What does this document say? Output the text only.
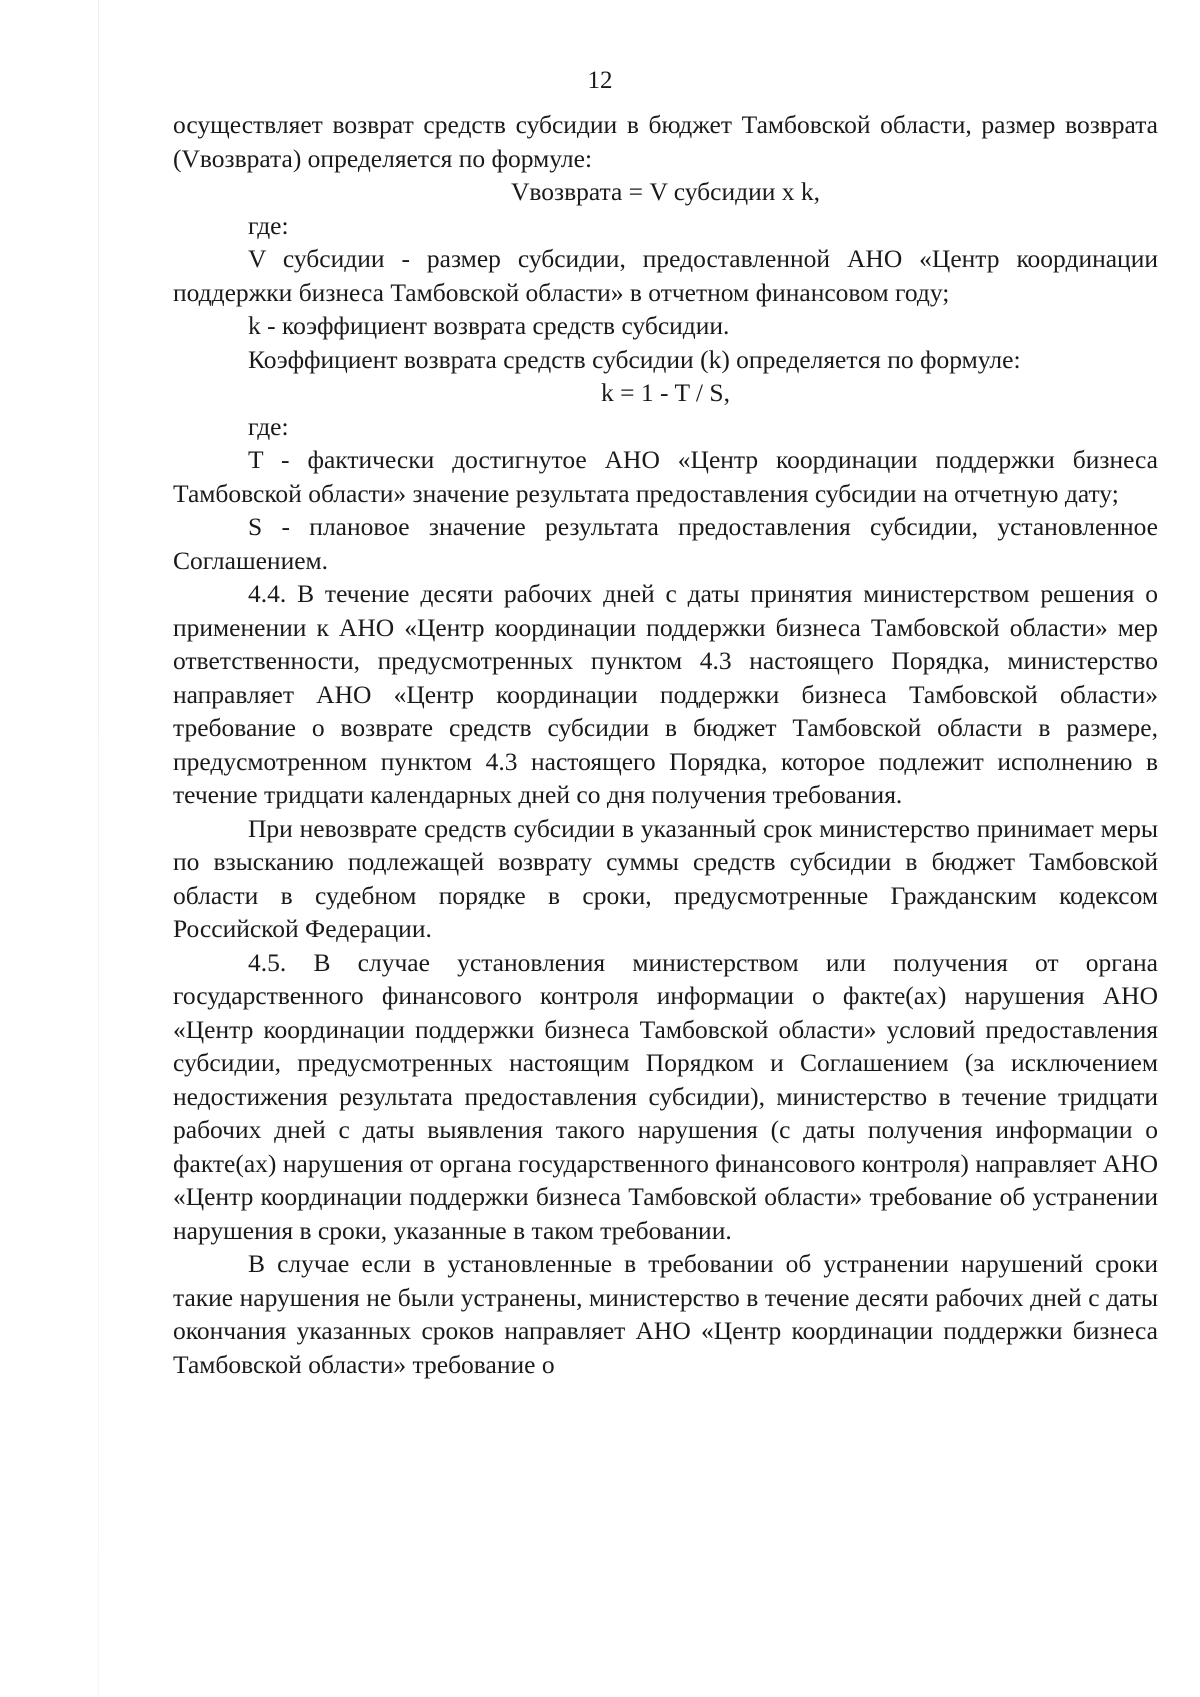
12

осуществляет возврат средств субсидии в бюджет Тамбовской области, размер возврата (Vвозврата) определяется по формуле:

Vвозврата = V субсидии х k,

где:

V субсидии - размер субсидии, предоставленной АНО «Центр координации поддержки бизнеса Тамбовской области» в отчетном финансовом году;

k - коэффициент возврата средств субсидии.

Коэффициент возврата средств субсидии (k) определяется по формуле:

k = 1 - T / S,

где:

T - фактически достигнутое АНО «Центр координации поддержки бизнеса Тамбовской области» значение результата предоставления субсидии на отчетную дату;

S - плановое значение результата предоставления субсидии, установленное Соглашением.

4.4. В течение десяти рабочих дней с даты принятия министерством решения о применении к АНО «Центр координации поддержки бизнеса Тамбовской области» мер ответственности, предусмотренных пунктом 4.3 настоящего Порядка, министерство направляет АНО «Центр координации поддержки бизнеса Тамбовской области» требование о возврате средств субсидии в бюджет Тамбовской области в размере, предусмотренном пунктом 4.3 настоящего Порядка, которое подлежит исполнению в течение тридцати календарных дней со дня получения требования.

При невозврате средств субсидии в указанный срок министерство принимает меры по взысканию подлежащей возврату суммы средств субсидии в бюджет Тамбовской области в судебном порядке в сроки, предусмотренные Гражданским кодексом Российской Федерации.

4.5. В случае установления министерством или получения от органа государственного финансового контроля информации о факте(ах) нарушения АНО «Центр координации поддержки бизнеса Тамбовской области» условий предоставления субсидии, предусмотренных настоящим Порядком и Соглашением (за исключением недостижения результата предоставления субсидии), министерство в течение тридцати рабочих дней с даты выявления такого нарушения (с даты получения информации о факте(ах) нарушения от органа государственного финансового контроля) направляет АНО «Центр координации поддержки бизнеса Тамбовской области» требование об устранении нарушения в сроки, указанные в таком требовании.

В случае если в установленные в требовании об устранении нарушений сроки такие нарушения не были устранены, министерство в течение десяти рабочих дней с даты окончания указанных сроков направляет АНО «Центр координации поддержки бизнеса Тамбовской области» требование о
